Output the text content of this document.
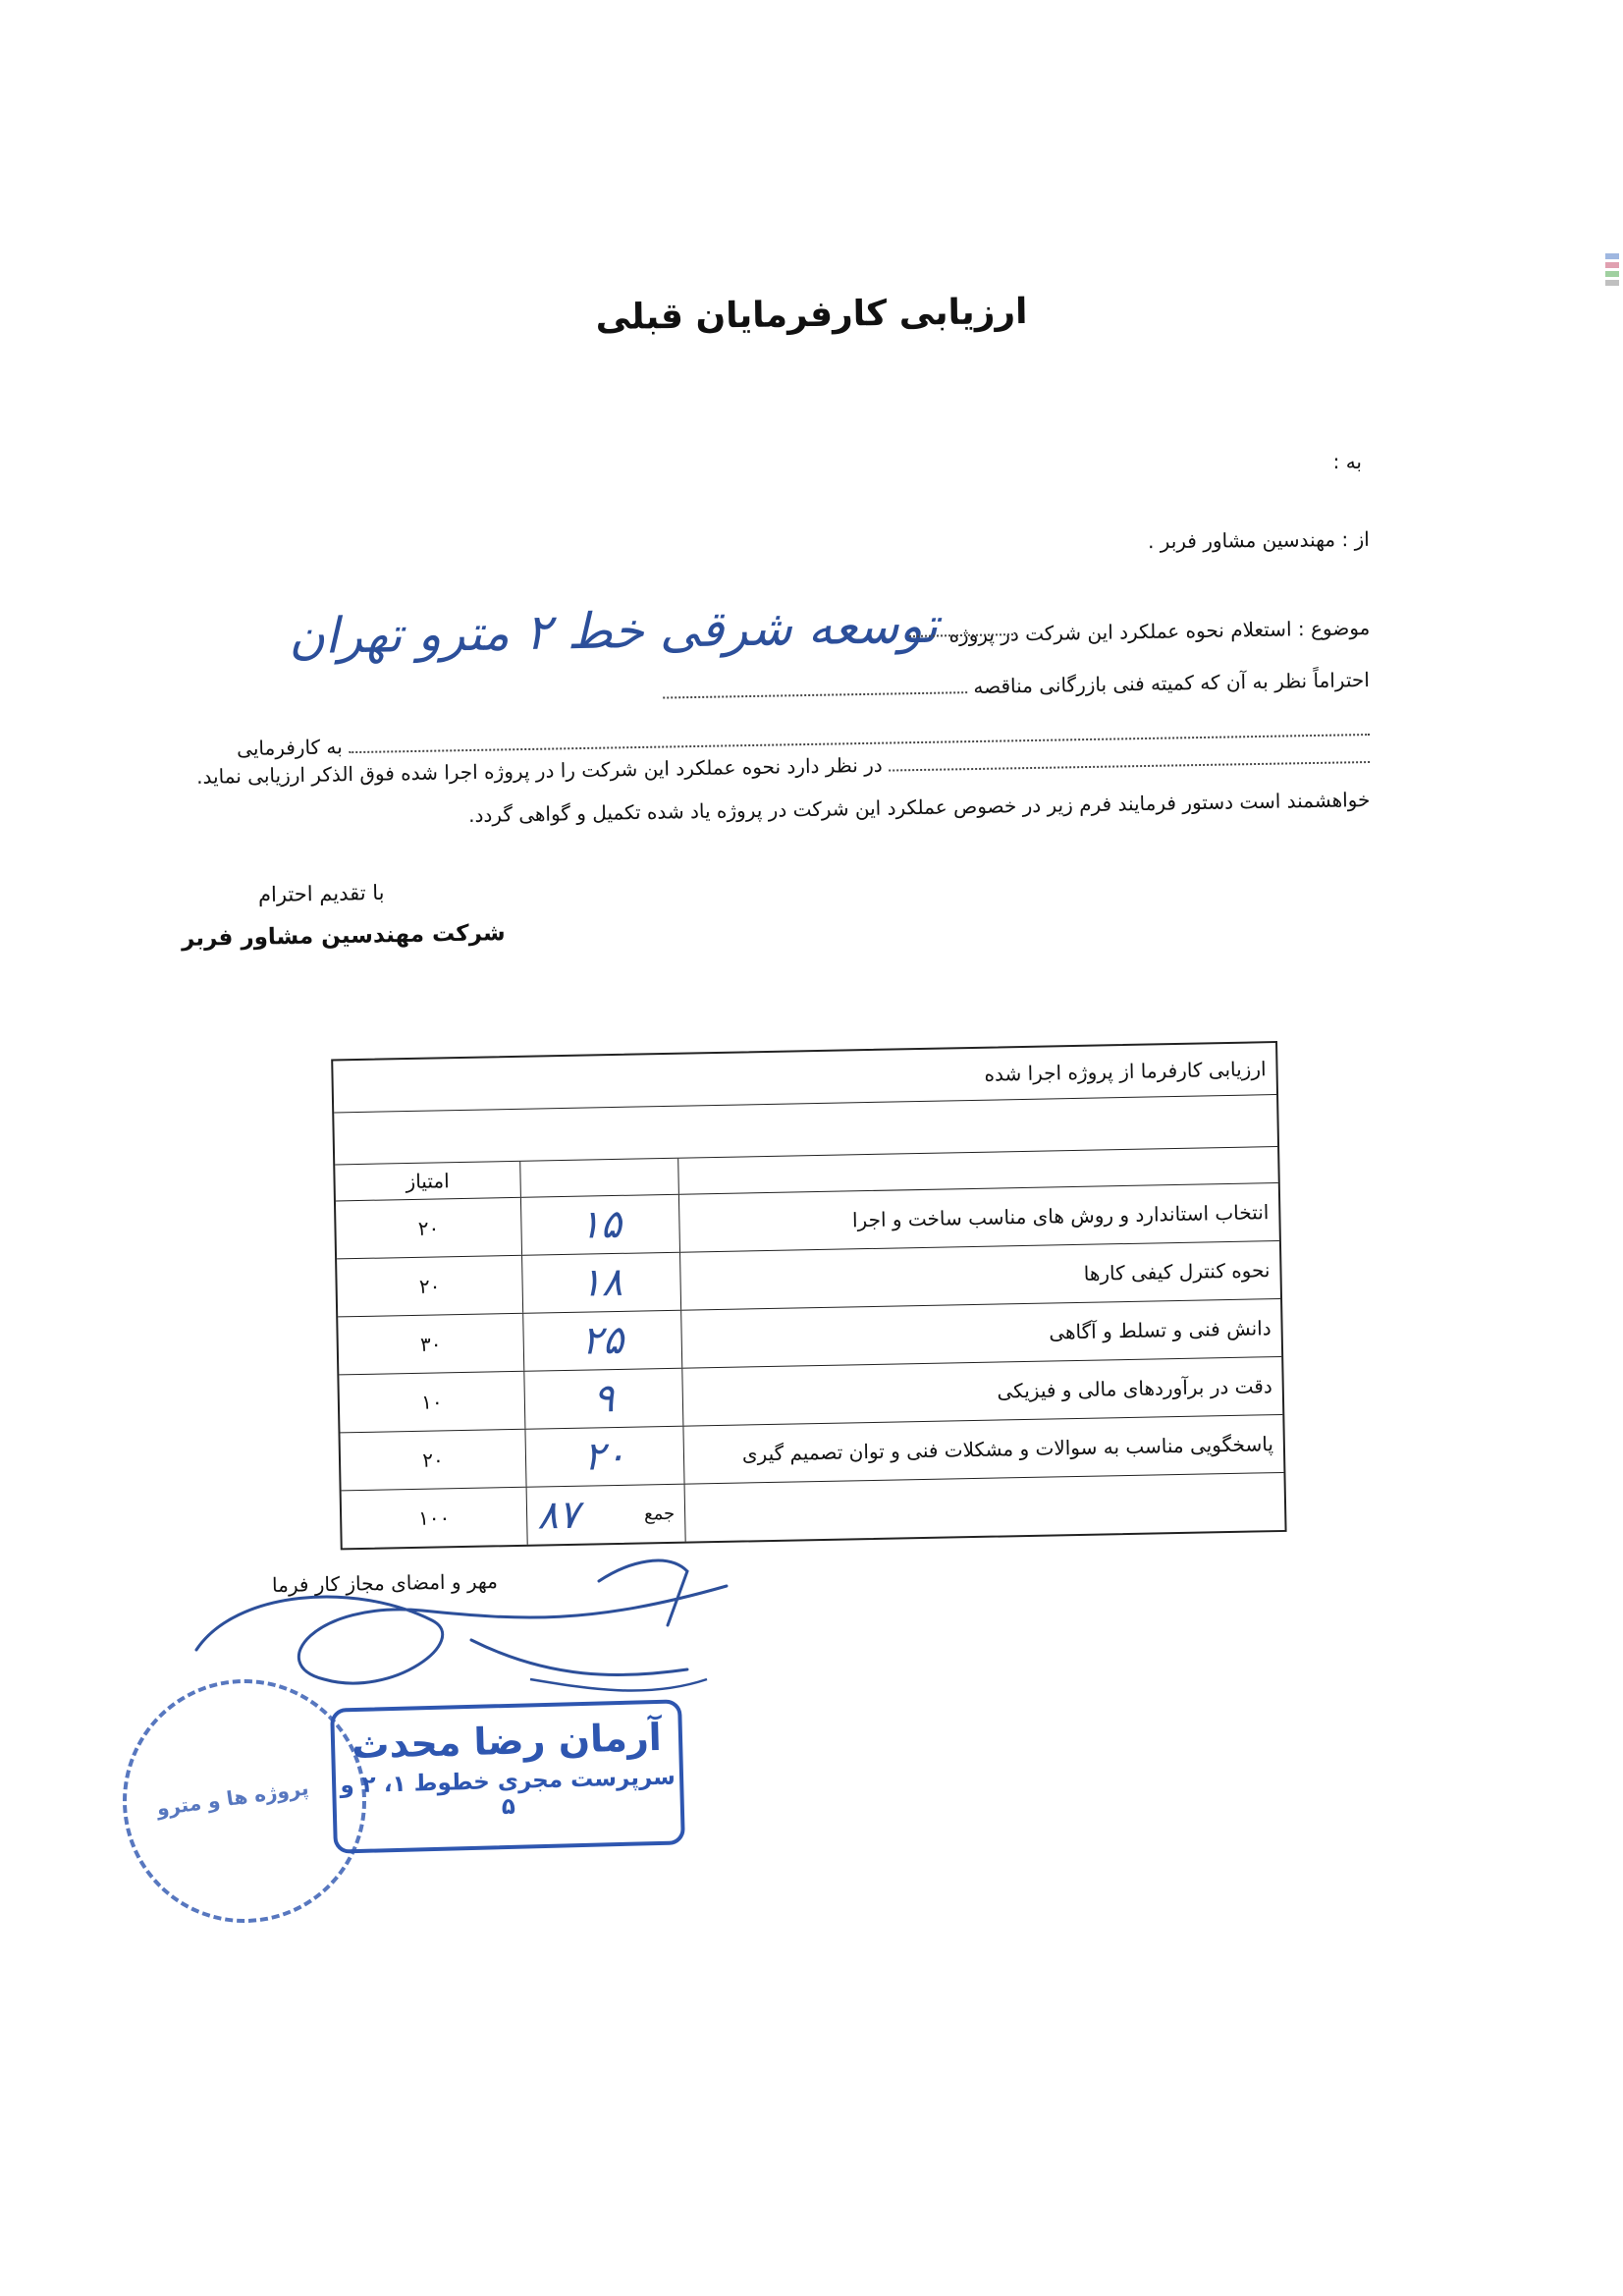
ارزیابی کارفرمایان قبلی
به :
از : مهندسین مشاور فربر .
موضوع : استعلام نحوه عملکرد این شرکت در پروژه توسعه شرقی خط ۲ مترو تهران
احتراماً نظر به آن که کمیته فنی بازرگانی مناقصه
به کارفرمایی
در نظر دارد نحوه عملکرد این شرکت را در پروژه اجرا شده فوق الذکر ارزیابی نماید.
خواهشمند است دستور فرمایند فرم زیر در خصوص عملکرد این شرکت در پروژه یاد شده تکمیل و گواهی گردد.
با تقدیم احترام
شرکت مهندسین مشاور فربر
ارزیابی کارفرما از پروژه اجرا شده
امتیاز
انتخاب استاندارد و روش های مناسب ساخت و اجرا
۱۵
۲۰
نحوه کنترل کیفی کارها
۱۸
۲۰
دانش فنی و تسلط و آگاهی
۲۵
۳۰
دقت در برآوردهای مالی و فیزیکی
۹
۱۰
پاسخگویی مناسب به سوالات و مشکلات فنی و توان تصمیم گیری
۲۰
۲۰
جمع
۸۷
۱۰۰
مهر و امضای مجاز کار فرما
پروژه ها و مترو
آرمان رضا محدث
سرپرست مجری خطوط ۱، ۲ و ۵
